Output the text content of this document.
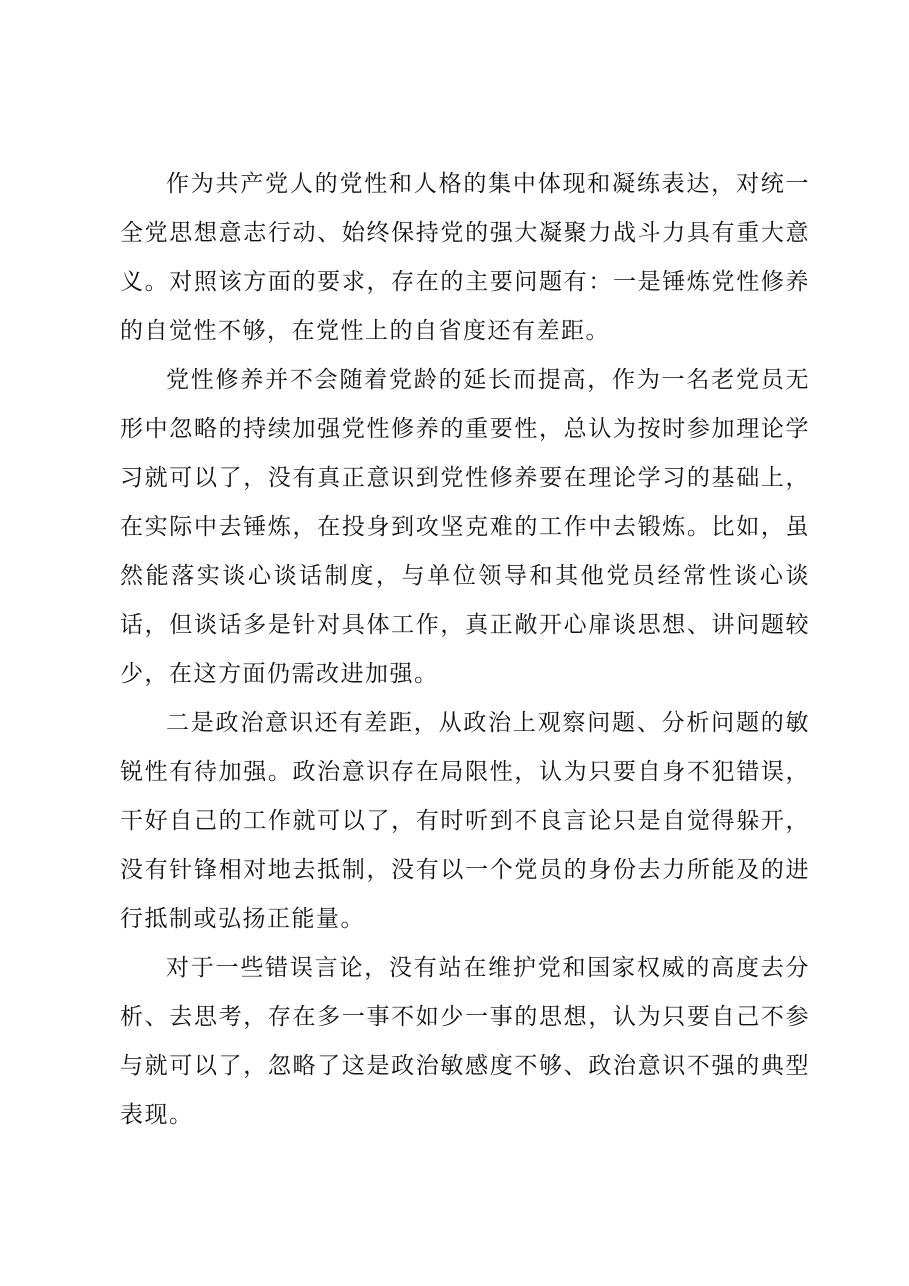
作为共产党人的党性和人格的集中体现和凝练表达，对统一全党思想意志行动、始终保持党的强大凝聚力战斗力具有重大意义。对照该方面的要求，存在的主要问题有：一是锤炼党性修养的自觉性不够，在党性上的自省度还有差距。

党性修养并不会随着党龄的延长而提高，作为一名老党员无形中忽略的持续加强党性修养的重要性，总认为按时参加理论学习就可以了，没有真正意识到党性修养要在理论学习的基础上，在实际中去锤炼，在投身到攻坚克难的工作中去锻炼。比如，虽然能落实谈心谈话制度，与单位领导和其他党员经常性谈心谈话，但谈话多是针对具体工作，真正敞开心扉谈思想、讲问题较少，在这方面仍需改进加强。

二是政治意识还有差距，从政治上观察问题、分析问题的敏锐性有待加强。政治意识存在局限性，认为只要自身不犯错误，干好自己的工作就可以了，有时听到不良言论只是自觉得躲开，没有针锋相对地去抵制，没有以一个党员的身份去力所能及的进行抵制或弘扬正能量。

对于一些错误言论，没有站在维护党和国家权威的高度去分析、去思考，存在多一事不如少一事的思想，认为只要自己不参与就可以了，忽略了这是政治敏感度不够、政治意识不强的典型表现。
